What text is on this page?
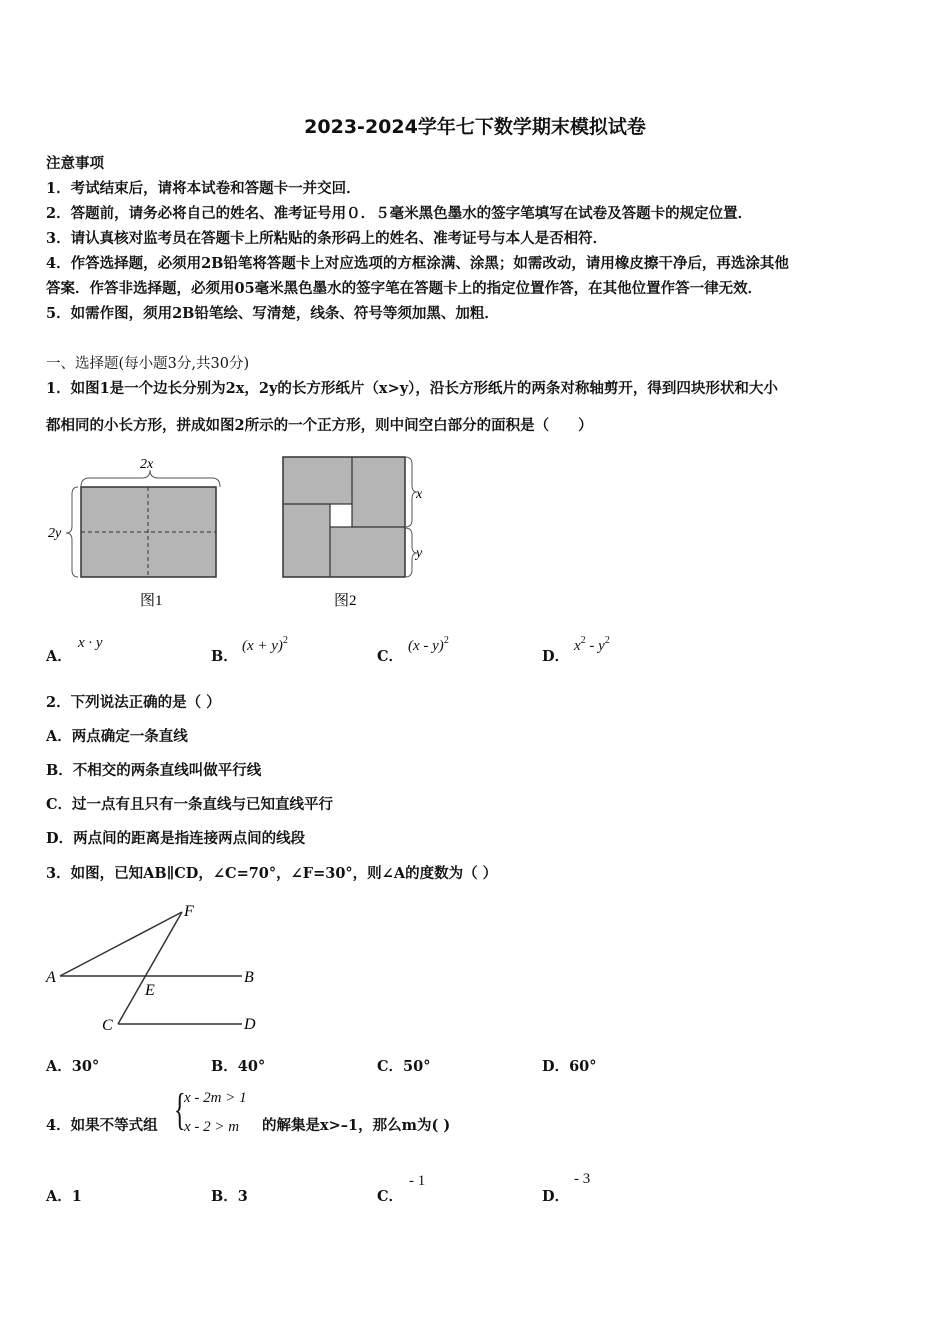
2023-2024学年七下数学期末模拟试卷
注意事项
1．考试结束后，请将本试卷和答题卡一并交回．
2．答题前，请务必将自己的姓名、准考证号用０．５毫米黑色墨水的签字笔填写在试卷及答题卡的规定位置．
3．请认真核对监考员在答题卡上所粘贴的条形码上的姓名、准考证号与本人是否相符．
4．作答选择题，必须用2B铅笔将答题卡上对应选项的方框涂满、涂黑；如需改动，请用橡皮擦干净后，再选涂其他
答案．作答非选择题，必须用05毫米黑色墨水的签字笔在答题卡上的指定位置作答，在其他位置作答一律无效．
5．如需作图，须用2B铅笔绘、写清楚，线条、符号等须加黑、加粗．
一、选择题(每小题3分,共30分)
1．如图1是一个边长分别为2x，2y的长方形纸片（x>y），沿长方形纸片的两条对称轴剪开，得到四块形状和大小
都相同的小长方形，拼成如图2所示的一个正方形，则中间空白部分的面积是（　　）
2x
2y
图1
x
y
图2
A．
x · y
B．
$(x + y)^2$
C．
(x - y)$^2$
D．
$x^2 - y^2$
2．下列说法正确的是（ ）
A．两点确定一条直线
B．不相交的两条直线叫做平行线
C．过一点有且只有一条直线与已知直线平行
D．两点间的距离是指连接两点间的线段
3．如图，已知AB∥CD，∠C=70°，∠F=30°，则∠A的度数为（ ）
A	B
C	D
E
F
A．30°	B．40°	C．50°	D．60°
4．如果不等式组 {
x - 2m > 1
x - 2 > m 的解集是x>–1，那么m为( )
A．1	B．3	C．
- 1
D．
- 3
